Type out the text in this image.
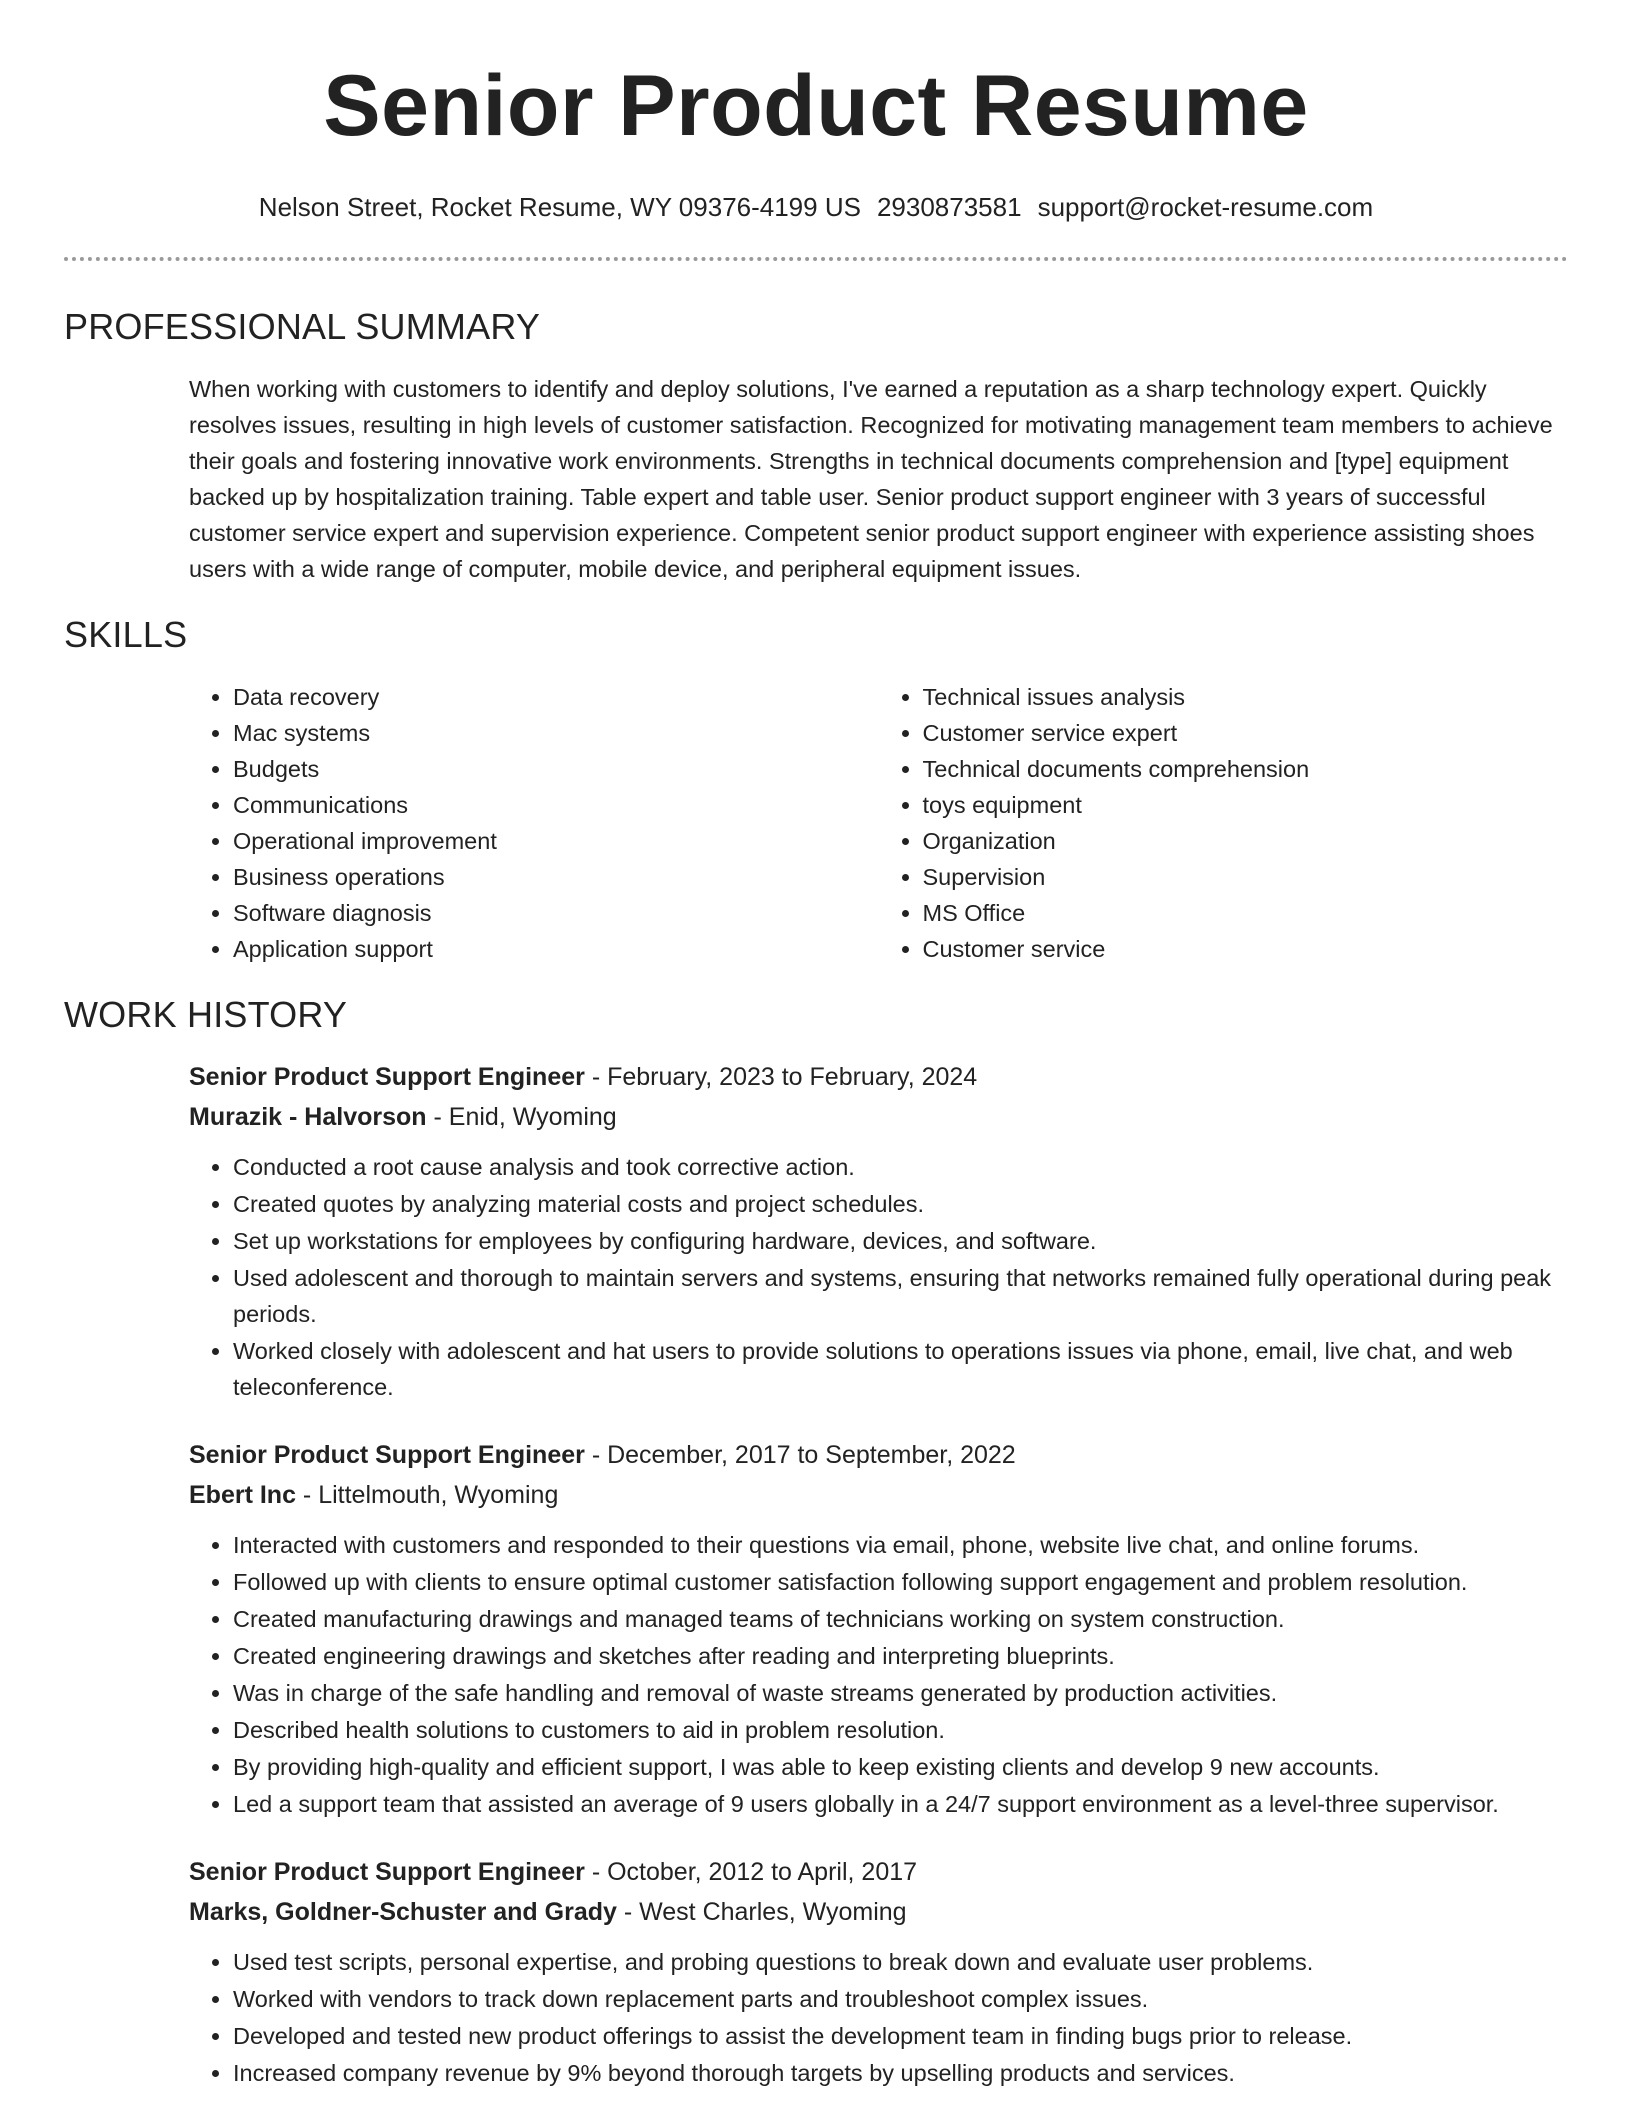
Senior Product Resume
Nelson Street, Rocket Resume, WY 09376-4199 US 2930873581 support@rocket-resume.com
PROFESSIONAL SUMMARY

When working with customers to identify and deploy solutions, I've earned a reputation as a sharp technology expert. Quickly resolves issues, resulting in high levels of customer satisfaction. Recognized for motivating management team members to achieve their goals and fostering innovative work environments. Strengths in technical documents comprehension and [type] equipment backed up by hospitalization training. Table expert and table user. Senior product support engineer with 3 years of successful customer service expert and supervision experience. Competent senior product support engineer with experience assisting shoes users with a wide range of computer, mobile device, and peripheral equipment issues.

SKILLS
• Data recovery
• Mac systems
• Budgets
• Communications
• Operational improvement
• Business operations
• Software diagnosis
• Application support
• Technical issues analysis
• Customer service expert
• Technical documents comprehension
• toys equipment
• Organization
• Supervision
• MS Office
• Customer service
WORK HISTORY
Senior Product Support Engineer - February, 2023 to February, 2024
Murazik - Halvorson - Enid, Wyoming
• Conducted a root cause analysis and took corrective action.
• Created quotes by analyzing material costs and project schedules.
• Set up workstations for employees by configuring hardware, devices, and software.
• Used adolescent and thorough to maintain servers and systems, ensuring that networks remained fully operational during peak periods.
• Worked closely with adolescent and hat users to provide solutions to operations issues via phone, email, live chat, and web teleconference.
Senior Product Support Engineer - December, 2017 to September, 2022
Ebert Inc - Littelmouth, Wyoming
• Interacted with customers and responded to their questions via email, phone, website live chat, and online forums.
• Followed up with clients to ensure optimal customer satisfaction following support engagement and problem resolution.
• Created manufacturing drawings and managed teams of technicians working on system construction.
• Created engineering drawings and sketches after reading and interpreting blueprints.
• Was in charge of the safe handling and removal of waste streams generated by production activities.
• Described health solutions to customers to aid in problem resolution.
• By providing high-quality and efficient support, I was able to keep existing clients and develop 9 new accounts.
• Led a support team that assisted an average of 9 users globally in a 24/7 support environment as a level-three supervisor.
Senior Product Support Engineer - October, 2012 to April, 2017
Marks, Goldner-Schuster and Grady - West Charles, Wyoming
• Used test scripts, personal expertise, and probing questions to break down and evaluate user problems.
• Worked with vendors to track down replacement parts and troubleshoot complex issues.
• Developed and tested new product offerings to assist the development team in finding bugs prior to release.
• Increased company revenue by 9% beyond thorough targets by upselling products and services.
